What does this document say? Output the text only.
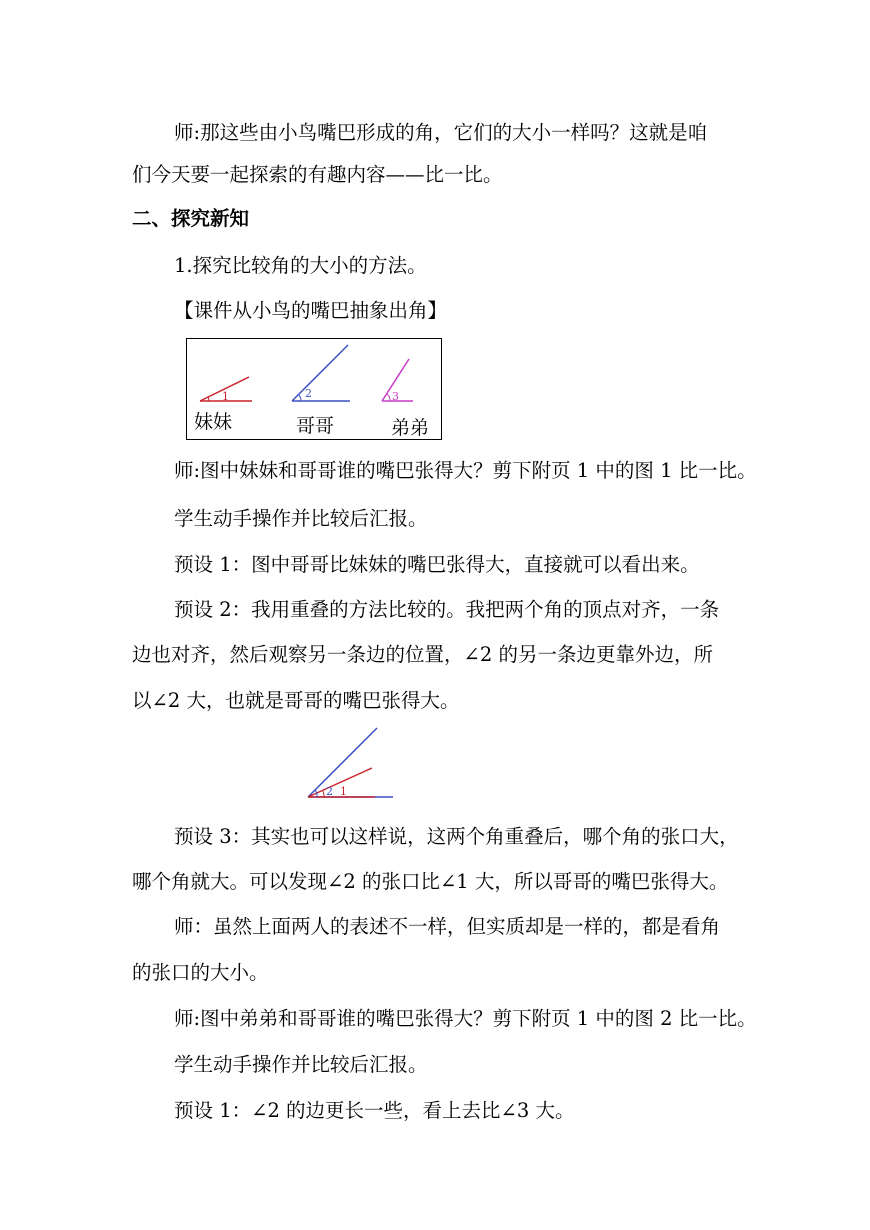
师:那这些由小鸟嘴巴形成的角，它们的大小一样吗？这就是咱
们今天要一起探索的有趣内容——比一比。
二、探究新知
1.探究比较角的大小的方法。
【课件从小鸟的嘴巴抽象出角】
1	2	3
妹妹	哥哥	弟弟
师:图中妹妹和哥哥谁的嘴巴张得大？剪下附页 1 中的图 1 比一比。
学生动手操作并比较后汇报。
预设 1：图中哥哥比妹妹的嘴巴张得大，直接就可以看出来。
预设 2：我用重叠的方法比较的。我把两个角的顶点对齐，一条
边也对齐，然后观察另一条边的位置，∠2 的另一条边更靠外边，所
以∠2 大，也就是哥哥的嘴巴张得大。
2 1
预设 3：其实也可以这样说，这两个角重叠后，哪个角的张口大，
哪个角就大。可以发现∠2 的张口比∠1 大，所以哥哥的嘴巴张得大。
师：虽然上面两人的表述不一样，但实质却是一样的，都是看角
的张口的大小。
师:图中弟弟和哥哥谁的嘴巴张得大？剪下附页 1 中的图 2 比一比。
学生动手操作并比较后汇报。
预设 1：∠2 的边更长一些，看上去比∠3 大。
